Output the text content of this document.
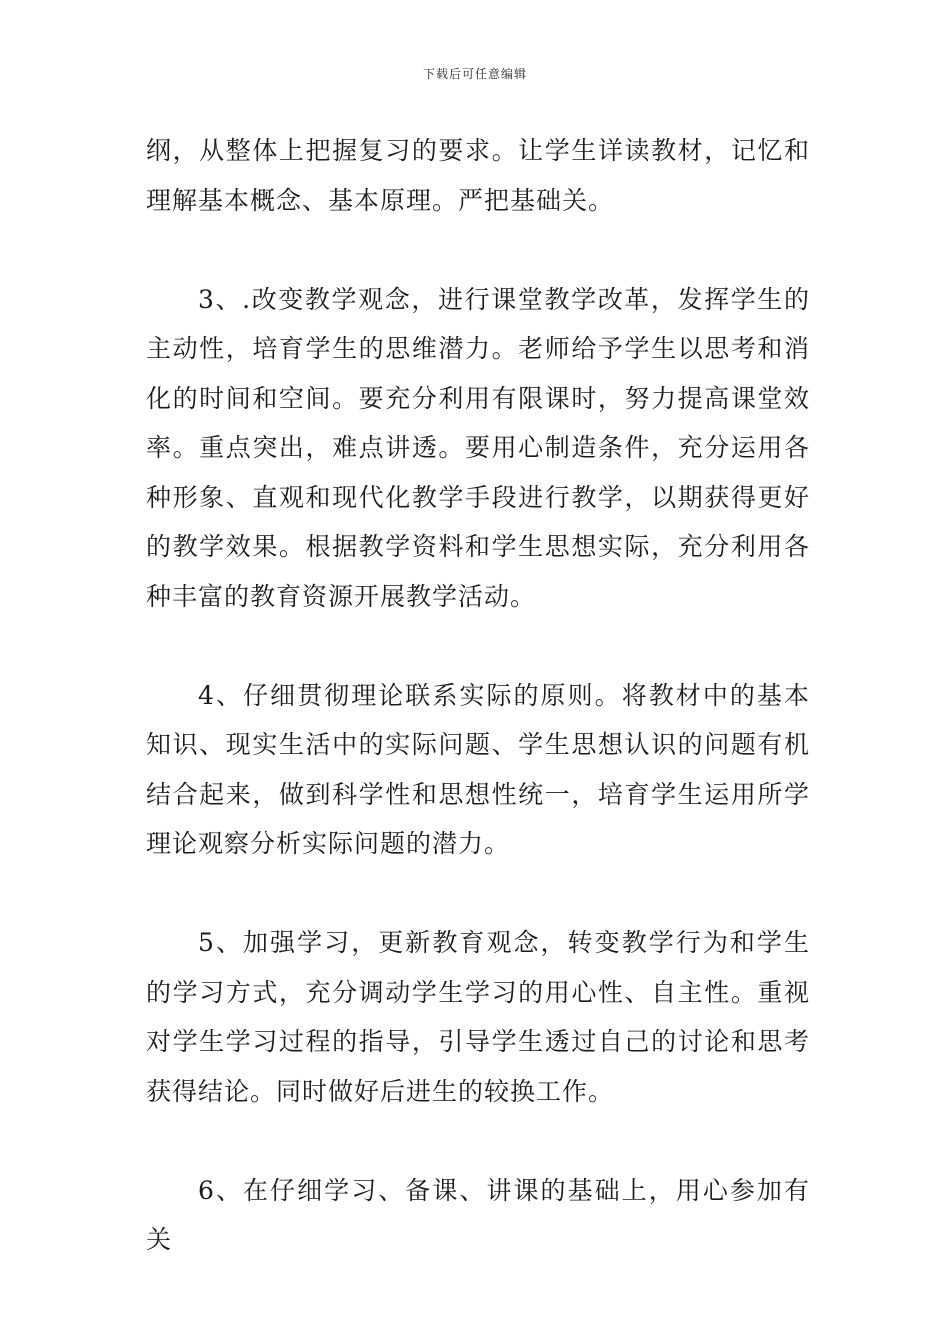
下载后可任意编辑

纲，从整体上把握复习的要求。让学生详读教材，记忆和理解基本概念、基本原理。严把基础关。

3、.改变教学观念，进行课堂教学改革，发挥学生的主动性，培育学生的思维潜力。老师给予学生以思考和消化的时间和空间。要充分利用有限课时，努力提高课堂效率。重点突出，难点讲透。要用心制造条件，充分运用各种形象、直观和现代化教学手段进行教学，以期获得更好的教学效果。根据教学资料和学生思想实际，充分利用各种丰富的教育资源开展教学活动。

4、仔细贯彻理论联系实际的原则。将教材中的基本知识、现实生活中的实际问题、学生思想认识的问题有机结合起来，做到科学性和思想性统一，培育学生运用所学理论观察分析实际问题的潜力。

5、加强学习，更新教育观念，转变教学行为和学生的学习方式，充分调动学生学习的用心性、自主性。重视对学生学习过程的指导，引导学生透过自己的讨论和思考获得结论。同时做好后进生的较换工作。

6、在仔细学习、备课、讲课的基础上，用心参加有关
